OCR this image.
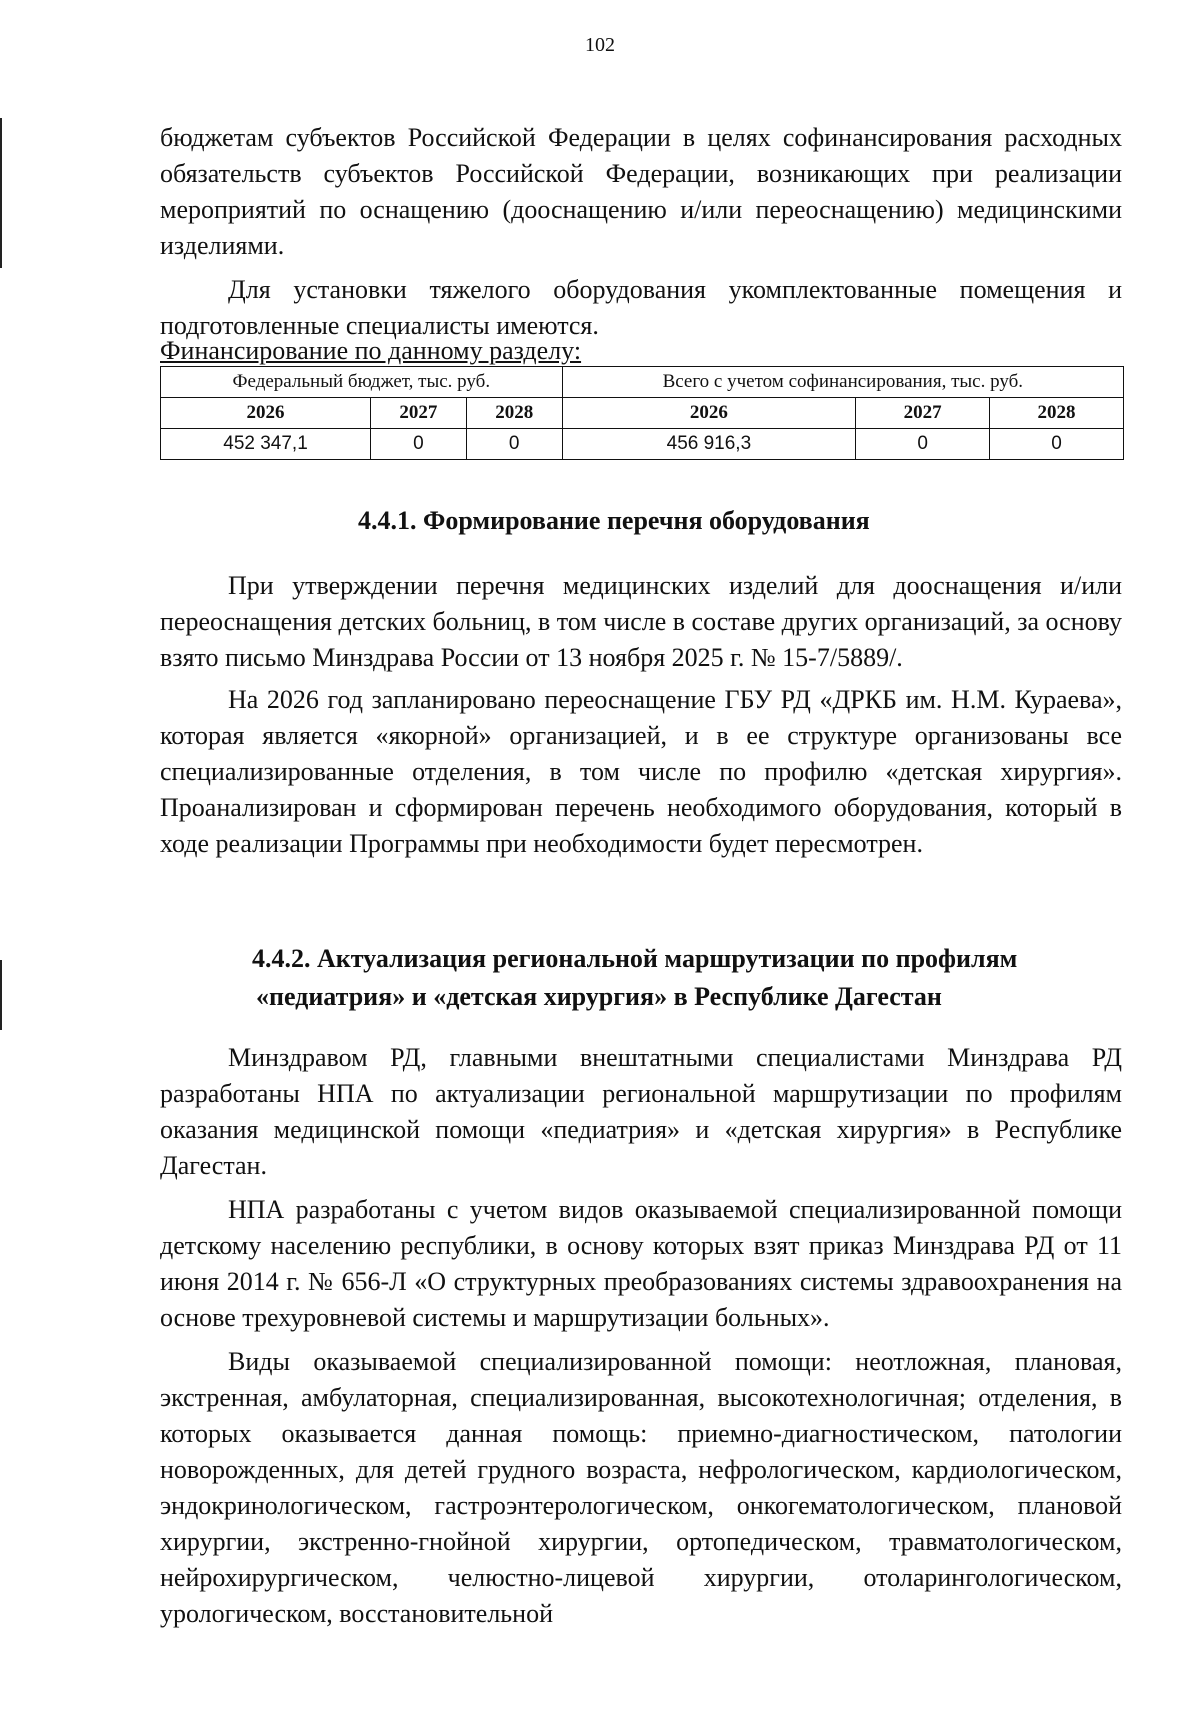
102

бюджетам субъектов Российской Федерации в целях софинансирования расходных обязательств субъектов Российской Федерации, возникающих при реализации мероприятий по оснащению (дооснащению и/или переоснащению) медицинскими изделиями.

Для установки тяжелого оборудования укомплектованные помещения и подготовленные специалисты имеются.

Финансирование по данному разделу:
Федеральный бюджет, тыс. руб.			Всего с учетом софинансирования, тыс. руб.		
2026	2027	2028	2026	2027	2028
452 347,1	0	0	456 916,3	0	0
4.4.1. Формирование перечня оборудования

При утверждении перечня медицинских изделий для дооснащения и/или переоснащения детских больниц, в том числе в составе других организаций, за основу взято письмо Минздрава России от 13 ноября 2025 г. № 15-7/5889/.

На 2026 год запланировано переоснащение ГБУ РД «ДРКБ им. Н.М. Кураева», которая является «якорной» организацией, и в ее структуре организованы все специализированные отделения, в том числе по профилю «детская хирургия». Проанализирован и сформирован перечень необходимого оборудования, который в ходе реализации Программы при необходимости будет пересмотрен.

4.4.2. Актуализация региональной маршрутизации по профилям
«педиатрия» и «детская хирургия» в Республике Дагестан

Минздравом РД, главными внештатными специалистами Минздрава РД разработаны НПА по актуализации региональной маршрутизации по профилям оказания медицинской помощи «педиатрия» и «детская хирургия» в Республике Дагестан.

НПА разработаны с учетом видов оказываемой специализированной помощи детскому населению республики, в основу которых взят приказ Минздрава РД от 11 июня 2014 г. № 656-Л «О структурных преобразованиях системы здравоохранения на основе трехуровневой системы и маршрутизации больных».

Виды оказываемой специализированной помощи: неотложная, плановая, экстренная, амбулаторная, специализированная, высокотехнологичная; отделения, в которых оказывается данная помощь: приемно-диагностическом, патологии новорожденных, для детей грудного возраста, нефрологическом, кардиологическом, эндокринологическом, гастроэнтерологическом, онкогематологическом, плановой хирургии, экстренно-гнойной хирургии, ортопедическом, травматологическом, нейрохирургическом, челюстно-лицевой хирургии, отоларингологическом, урологическом, восстановительной
